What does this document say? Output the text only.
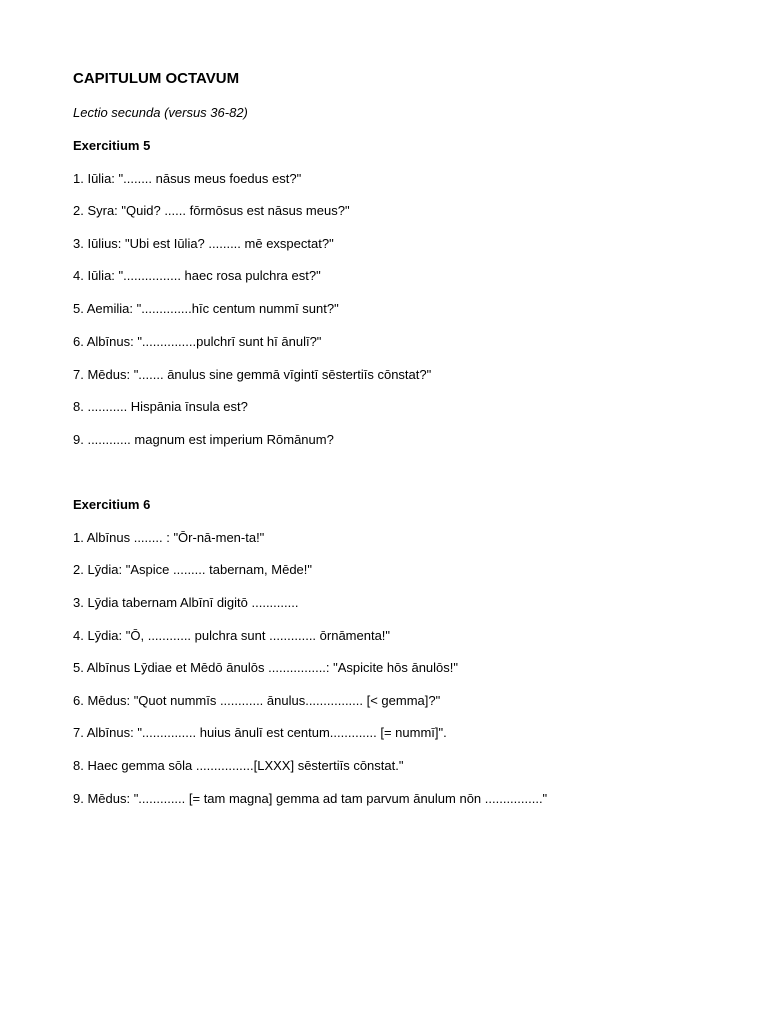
CAPITULUM OCTAVUM
Lectio secunda (versus 36-82)
Exercitium 5
1. Iūlia: "........ nāsus meus foedus est?"
2. Syra: "Quid? ...... fōrmōsus est nāsus meus?"
3. Iūlius: "Ubi est Iūlia? ......... mē exspectat?"
4. Iūlia: "................ haec rosa pulchra est?"
5. Aemilia: "..............hīc centum nummī sunt?"
6. Albīnus: "...............pulchrī sunt hī ānulī?"
7. Mēdus: "....... ānulus sine gemmā vīgintī sēstertiīs cōnstat?"
8. ........... Hispānia īnsula est?
9. ............ magnum est imperium Rōmānum?
Exercitium 6
1. Albīnus ........ : "Ōr-nā-men-ta!"
2. Lȳdia: "Aspice ......... tabernam, Mēde!"
3. Lȳdia tabernam Albīnī digitō .............
4. Lȳdia: "Ō, ............ pulchra sunt ............. ōrnāmenta!"
5. Albīnus Lȳdiae et Mēdō ānulōs ................: "Aspicite hōs ānulōs!"
6. Mēdus: "Quot nummīs ............ ānulus................ [< gemma]?"
7. Albīnus: "............... huius ānulī est centum............. [= nummī]".
8. Haec gemma sōla ................[LXXX] sēstertiīs cōnstat."
9. Mēdus: "............. [= tam magna] gemma ad tam parvum ānulum nōn ................"
